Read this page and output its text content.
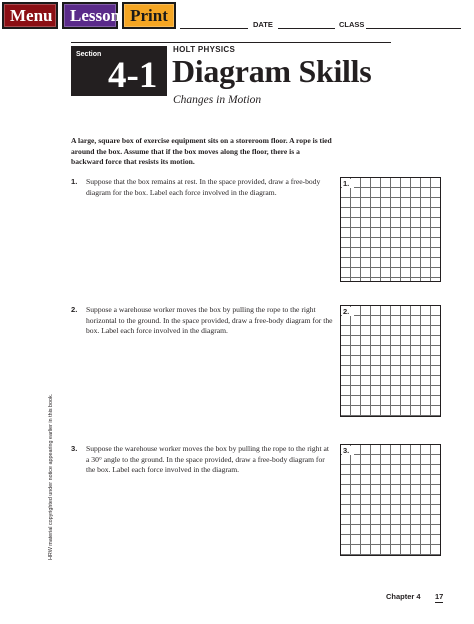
Menu	Lesson Print	DATE	CLASS
Section
4-1
HOLT PHYSICS
Diagram Skills
Changes in Motion

A large, square box of exercise equipment sits on a storeroom floor. A rope is tied around the box. Assume that if the box moves along the floor, there is a backward force that resists its motion.

1. Suppose that the box remains at rest. In the space provided, draw a free-body diagram for the box. Label each force involved in the diagram.
1.
2. Suppose a warehouse worker moves the box by pulling the rope to the right horizontal to the ground. In the space provided, draw a free-body diagram for the box. Label each force involved in the diagram.
2.
3. Suppose the warehouse worker moves the box by pulling the rope to the right at a 30° angle to the ground. In the space provided, draw a free-body diagram for the box. Label each force involved in the diagram.
3.
HRW material copyrighted under notice appearing earlier in this book.
Chapter 4 17
